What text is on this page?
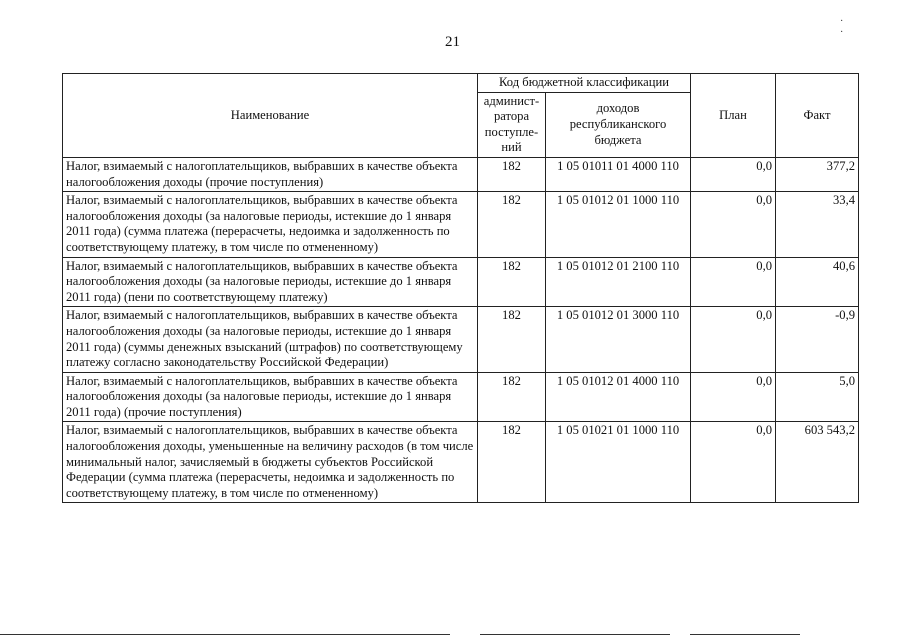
21
· ·
Наименование	Код бюджетной классификации		План	Факт
	админист-ратора поступле-ний	доходов республиканского бюджета		
Налог, взимаемый с налогоплательщиков, выбравших в качестве объекта налогообложения доходы (прочие поступления)	182	1 05 01011 01 4000 110	0,0	377,2
Налог, взимаемый с налогоплательщиков, выбравших в качестве объекта налогообложения доходы (за налоговые периоды, истекшие до 1 января 2011 года) (сумма платежа (перерасчеты, недоимка и задолженность по соответствующему платежу, в том числе по отмененному)	182	1 05 01012 01 1000 110	0,0	33,4
Налог, взимаемый с налогоплательщиков, выбравших в качестве объекта налогообложения доходы (за налоговые периоды, истекшие до 1 января 2011 года) (пени по соответствующему платежу)	182	1 05 01012 01 2100 110	0,0	40,6
Налог, взимаемый с налогоплательщиков, выбравших в качестве объекта налогообложения доходы (за налоговые периоды, истекшие до 1 января 2011 года) (суммы денежных взысканий (штрафов) по соответствующему платежу согласно законодательству Российской Федерации)	182	1 05 01012 01 3000 110	0,0	-0,9
Налог, взимаемый с налогоплательщиков, выбравших в качестве объекта налогообложения доходы (за налоговые периоды, истекшие до 1 января 2011 года) (прочие поступления)	182	1 05 01012 01 4000 110	0,0	5,0
Налог, взимаемый с налогоплательщиков, выбравших в качестве объекта налогообложения доходы, уменьшенные на величину расходов (в том числе минимальный налог, зачисляемый в бюджеты субъектов Российской Федерации (сумма платежа (перерасчеты, недоимка и задолженность по соответствующему платежу, в том числе по отмененному)	182	1 05 01021 01 1000 110	0,0	603 543,2
